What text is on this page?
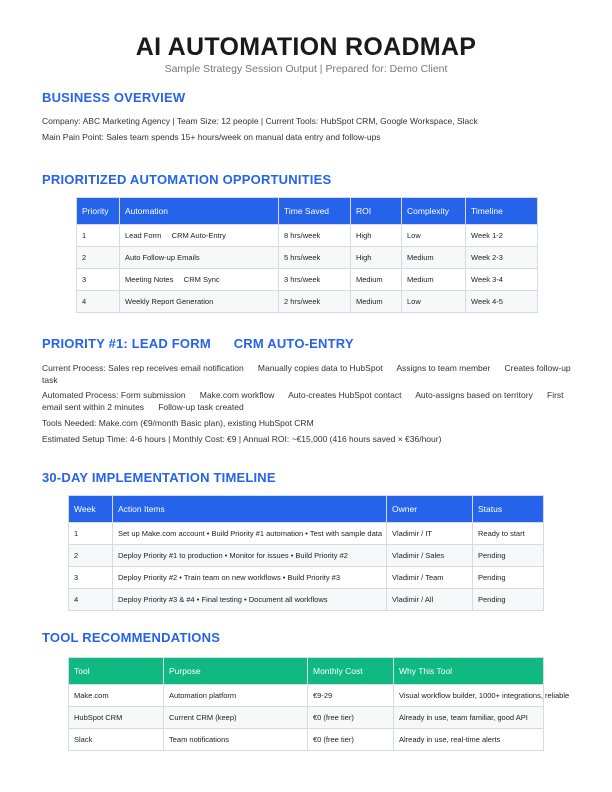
AI AUTOMATION ROADMAP
Sample Strategy Session Output | Prepared for: Demo Client
BUSINESS OVERVIEW
Company: ABC Marketing Agency | Team Size: 12 people | Current Tools: HubSpot CRM, Google Workspace, Slack
Main Pain Point: Sales team spends 15+ hours/week on manual data entry and follow-ups
PRIORITIZED AUTOMATION OPPORTUNITIES
Priority	Automation	Time Saved	ROI	Complexity	Timeline
1	Lead Form     CRM Auto-Entry	8 hrs/week	High	Low	Week 1-2
2	Auto Follow-up Emails	5 hrs/week	High	Medium	Week 2-3
3	Meeting Notes     CRM Sync	3 hrs/week	Medium	Medium	Week 3-4
4	Weekly Report Generation	2 hrs/week	Medium	Low	Week 4-5
PRIORITY #1: LEAD FORM      CRM AUTO-ENTRY
Current Process: Sales rep receives email notification      Manually copies data to HubSpot      Assigns to team member      Creates follow-up task
Automated Process: Form submission      Make.com workflow      Auto-creates HubSpot contact      Auto-assigns based on territory      First email sent within 2 minutes      Follow-up task created
Tools Needed: Make.com (€9/month Basic plan), existing HubSpot CRM
Estimated Setup Time: 4-6 hours | Monthly Cost: €9 | Annual ROI: ~€15,000 (416 hours saved × €36/hour)
30-DAY IMPLEMENTATION TIMELINE
Week	Action Items	Owner	Status
1	Set up Make.com account • Build Priority #1 automation • Test with sample data	Vladimir / IT	Ready to start
2	Deploy Priority #1 to production • Monitor for issues • Build Priority #2	Vladimir / Sales	Pending
3	Deploy Priority #2 • Train team on new workflows • Build Priority #3	Vladimir / Team	Pending
4	Deploy Priority #3 & #4 • Final testing • Document all workflows	Vladimir / All	Pending
TOOL RECOMMENDATIONS
Tool	Purpose	Monthly Cost	Why This Tool
Make.com	Automation platform	€9-29	Visual workflow builder, 1000+ integrations, reliable
HubSpot CRM	Current CRM (keep)	€0 (free tier)	Already in use, team familiar, good API
Slack	Team notifications	€0 (free tier)	Already in use, real-time alerts
